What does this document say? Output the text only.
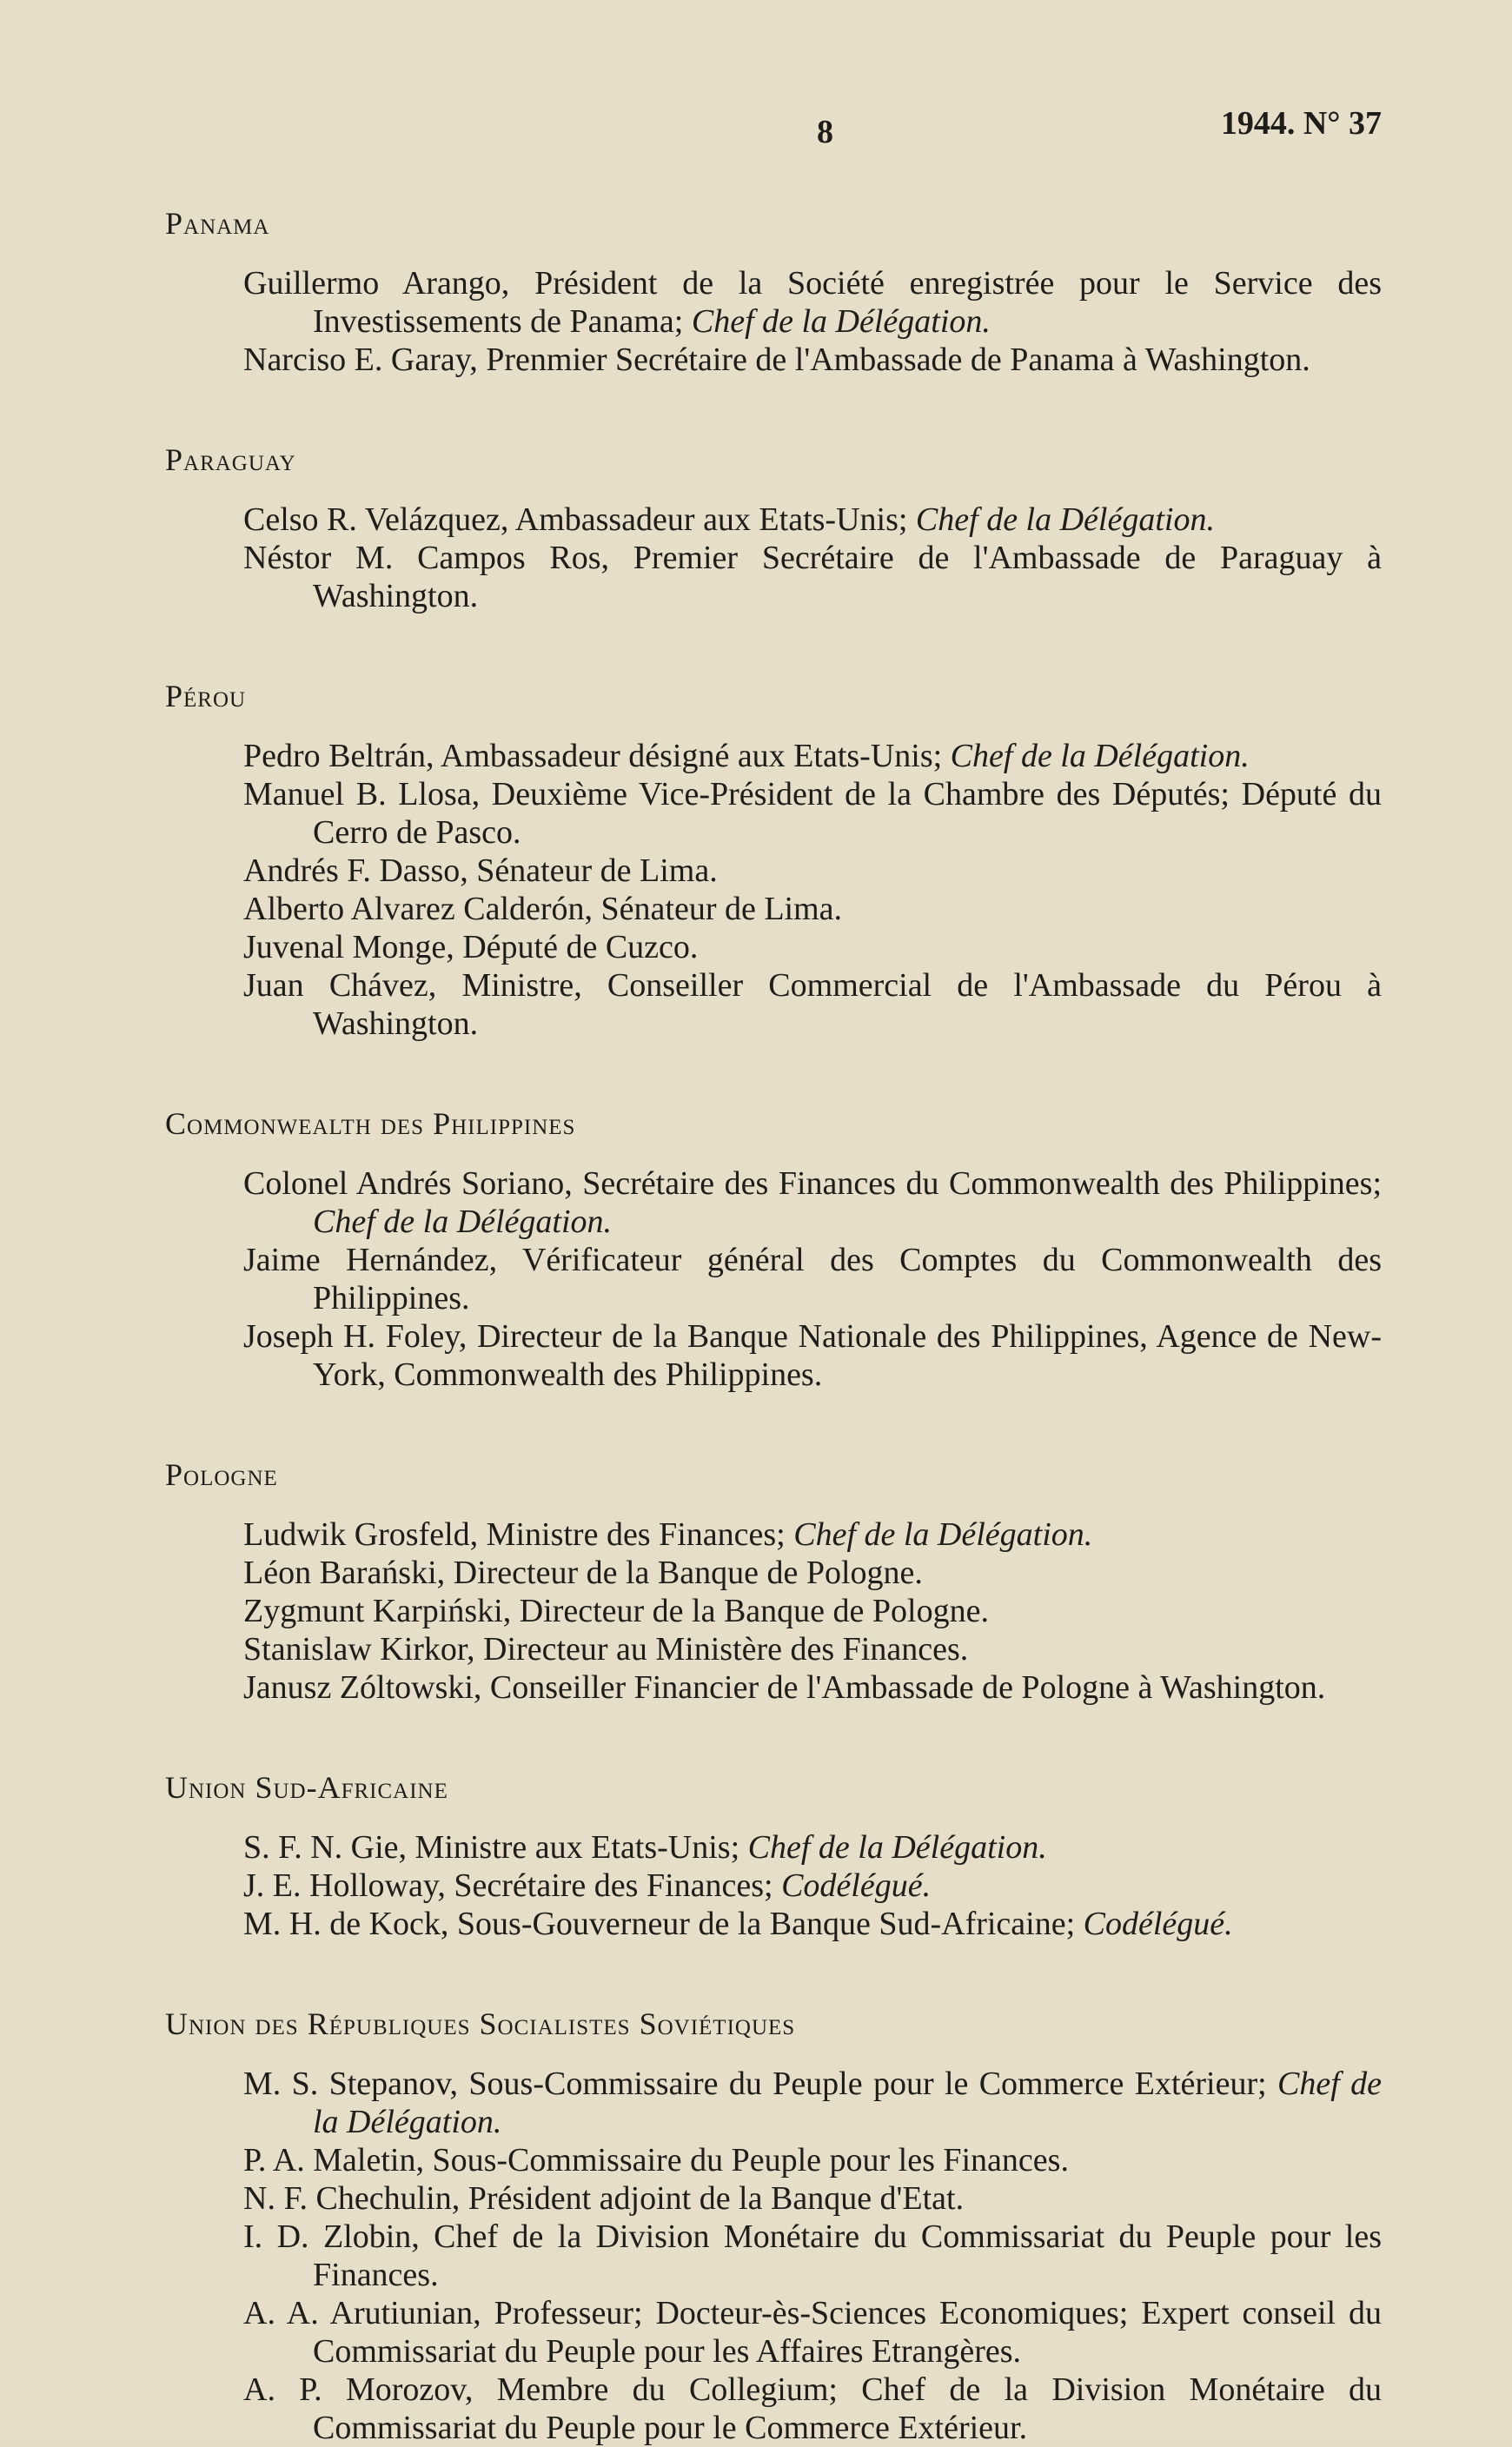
8	1944. N° 37
Panama
Guillermo Arango, Président de la Société enregistrée pour le Service des Investissements de Panama; Chef de la Délégation.
Narciso E. Garay, Prenmier Secrétaire de l'Ambassade de Panama à Washington.
Paraguay
Celso R. Velázquez, Ambassadeur aux Etats-Unis; Chef de la Délégation.
Néstor M. Campos Ros, Premier Secrétaire de l'Ambassade de Paraguay à Washington.
Pérou
Pedro Beltrán, Ambassadeur désigné aux Etats-Unis; Chef de la Délégation.
Manuel B. Llosa, Deuxième Vice-Président de la Chambre des Députés; Député du Cerro de Pasco.
Andrés F. Dasso, Sénateur de Lima.
Alberto Alvarez Calderón, Sénateur de Lima.
Juvenal Monge, Député de Cuzco.
Juan Chávez, Ministre, Conseiller Commercial de l'Ambassade du Pérou à Washington.
Commonwealth des Philippines
Colonel Andrés Soriano, Secrétaire des Finances du Commonwealth des Philippines; Chef de la Délégation.
Jaime Hernández, Vérificateur général des Comptes du Commonwealth des Philippines.
Joseph H. Foley, Directeur de la Banque Nationale des Philippines, Agence de New-York, Commonwealth des Philippines.
Pologne
Ludwik Grosfeld, Ministre des Finances; Chef de la Délégation.
Léon Barański, Directeur de la Banque de Pologne.
Zygmunt Karpiński, Directeur de la Banque de Pologne.
Stanislaw Kirkor, Directeur au Ministère des Finances.
Janusz Zóltowski, Conseiller Financier de l'Ambassade de Pologne à Washington.
Union Sud-Africaine
S. F. N. Gie, Ministre aux Etats-Unis; Chef de la Délégation.
J. E. Holloway, Secrétaire des Finances; Codélégué.
M. H. de Kock, Sous-Gouverneur de la Banque Sud-Africaine; Codélégué.
Union des Républiques Socialistes Soviétiques
M. S. Stepanov, Sous-Commissaire du Peuple pour le Commerce Extérieur; Chef de la Délégation.
P. A. Maletin, Sous-Commissaire du Peuple pour les Finances.
N. F. Chechulin, Président adjoint de la Banque d'Etat.
I. D. Zlobin, Chef de la Division Monétaire du Commissariat du Peuple pour les Finances.
A. A. Arutiunian, Professeur; Docteur-ès-Sciences Economiques; Expert conseil du Commissariat du Peuple pour les Affaires Etrangères.
A. P. Morozov, Membre du Collegium; Chef de la Division Monétaire du Commissariat du Peuple pour le Commerce Extérieur.
